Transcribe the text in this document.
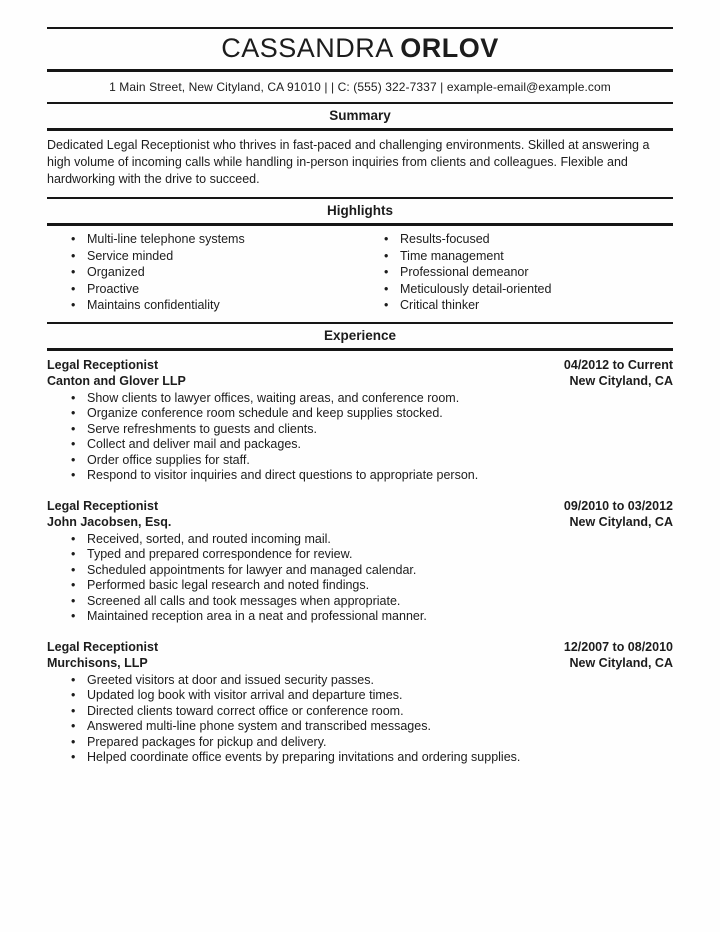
CASSANDRA ORLOV
1 Main Street, New Cityland, CA 91010 | | C: (555) 322-7337 | example-email@example.com
Summary

Dedicated Legal Receptionist who thrives in fast-paced and challenging environments. Skilled at answering a high volume of incoming calls while handling in-person inquiries from clients and colleagues. Flexible and hardworking with the drive to succeed.

Highlights
• Multi-line telephone systems
• Service minded
• Organized
• Proactive
• Maintains confidentiality
• Results-focused
• Time management
• Professional demeanor
• Meticulously detail-oriented
• Critical thinker
Experience
Legal Receptionist	04/2012 to Current
Canton and Glover LLP	New Cityland, CA
• Show clients to lawyer offices, waiting areas, and conference room.
• Organize conference room schedule and keep supplies stocked.
• Serve refreshments to guests and clients.
• Collect and deliver mail and packages.
• Order office supplies for staff.
• Respond to visitor inquiries and direct questions to appropriate person.
Legal Receptionist	09/2010 to 03/2012
John Jacobsen, Esq.	New Cityland, CA
• Received, sorted, and routed incoming mail.
• Typed and prepared correspondence for review.
• Scheduled appointments for lawyer and managed calendar.
• Performed basic legal research and noted findings.
• Screened all calls and took messages when appropriate.
• Maintained reception area in a neat and professional manner.
Legal Receptionist	12/2007 to 08/2010
Murchisons, LLP	New Cityland, CA
• Greeted visitors at door and issued security passes.
• Updated log book with visitor arrival and departure times.
• Directed clients toward correct office or conference room.
• Answered multi-line phone system and transcribed messages.
• Prepared packages for pickup and delivery.
• Helped coordinate office events by preparing invitations and ordering supplies.
